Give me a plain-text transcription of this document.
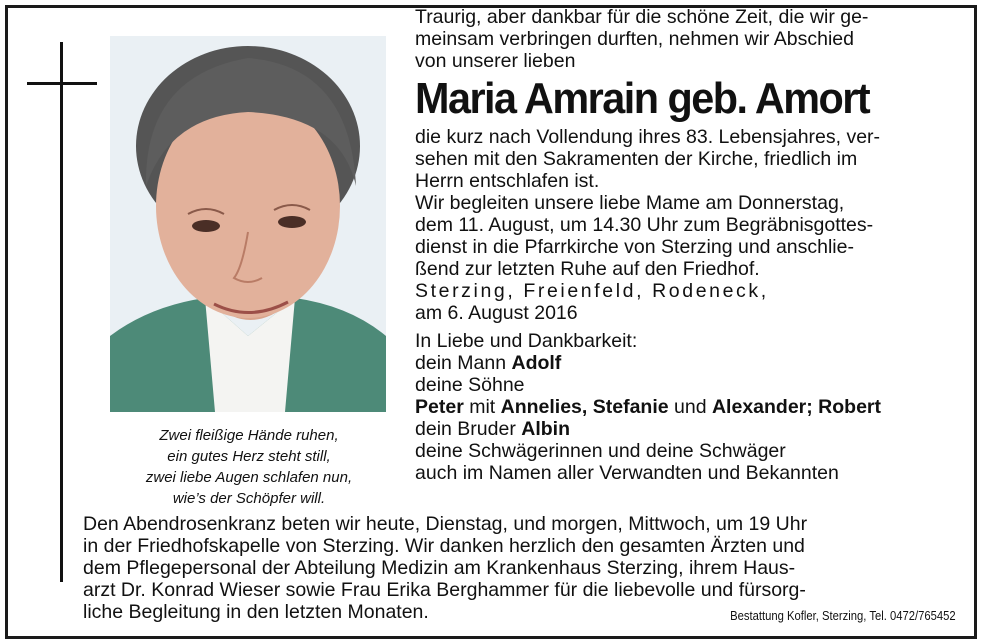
Zwei fleißige Hände ruhen,
ein gutes Herz steht still,
zwei liebe Augen schlafen nun,
wie’s der Schöpfer will.
Traurig, aber dankbar für die schöne Zeit, die wir ge-
meinsam verbringen durften, nehmen wir Abschied
von unserer lieben
Maria Amrain geb. Amort
die kurz nach Vollendung ihres 83. Lebensjahres, ver-
sehen mit den Sakramenten der Kirche, friedlich im
Herrn entschlafen ist.
Wir begleiten unsere liebe Mame am Donnerstag,
dem 11. August, um 14.30 Uhr zum Begräbnisgottes-
dienst in die Pfarrkirche von Sterzing und anschlie-
ßend zur letzten Ruhe auf den Friedhof.
Sterzing, Freienfeld, Rodeneck,
am 6. August 2016
In Liebe und Dankbarkeit:
dein Mann Adolf
deine Söhne
Peter mit Annelies, Stefanie und Alexander; Robert
dein Bruder Albin
deine Schwägerinnen und deine Schwäger
auch im Namen aller Verwandten und Bekannten
Den Abendrosenkranz beten wir heute, Dienstag, und morgen, Mittwoch, um 19 Uhr
in der Friedhofskapelle von Sterzing. Wir danken herzlich den gesamten Ärzten und
dem Pflegepersonal der Abteilung Medizin am Krankenhaus Sterzing, ihrem Haus-
arzt Dr. Konrad Wieser sowie Frau Erika Berghammer für die liebevolle und fürsorg-
liche Begleitung in den letzten Monaten.	Bestattung Kofler, Sterzing, Tel. 0472/765452
